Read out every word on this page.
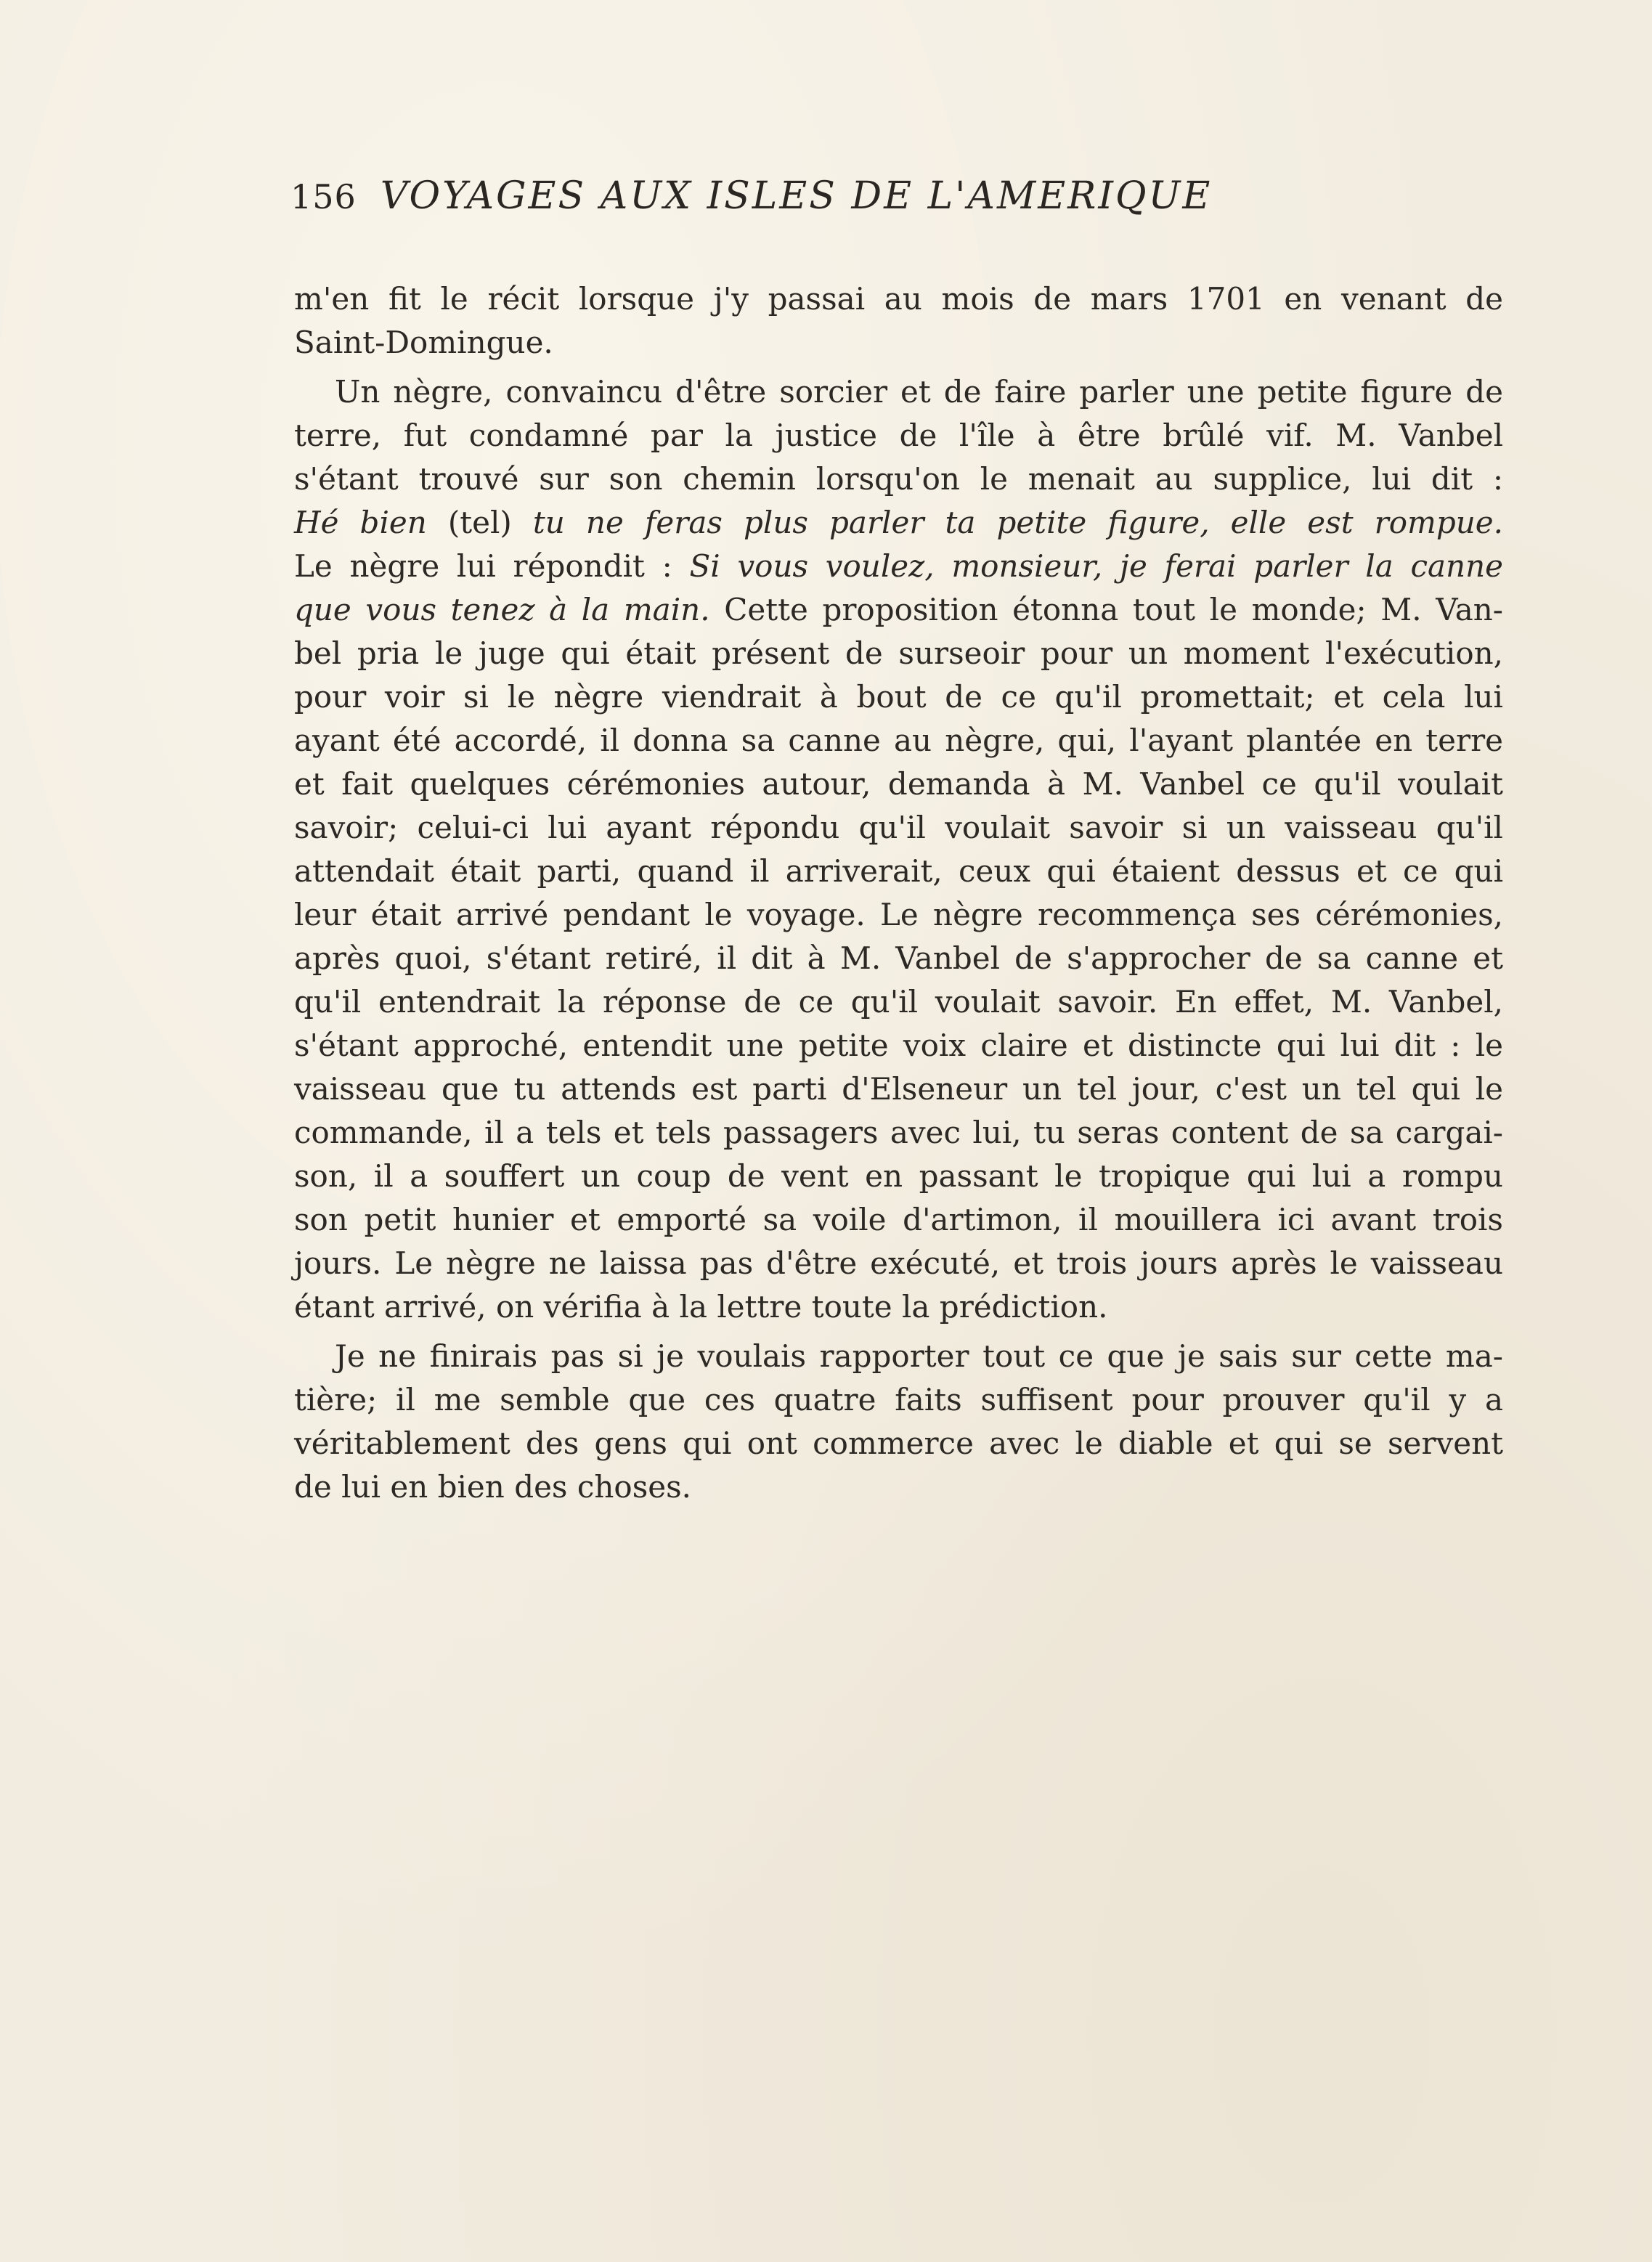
156 VOYAGES AUX ISLES DE L'AMERIQUE
m'en fit le récit lorsque j'y passai au mois de mars 1701 en venant de
Saint-Domingue.
Un nègre, convaincu d'être sorcier et de faire parler une petite figure de
terre, fut condamné par la justice de l'île à être brûlé vif. M. Vanbel
s'étant trouvé sur son chemin lorsqu'on le menait au supplice, lui dit :
Hé bien (tel) tu ne feras plus parler ta petite figure, elle est rompue.
Le nègre lui répondit : Si vous voulez, monsieur, je ferai parler la canne
que vous tenez à la main. Cette proposition étonna tout le monde; M. Van-
bel pria le juge qui était présent de surseoir pour un moment l'exécution,
pour voir si le nègre viendrait à bout de ce qu'il promettait; et cela lui
ayant été accordé, il donna sa canne au nègre, qui, l'ayant plantée en terre
et fait quelques cérémonies autour, demanda à M. Vanbel ce qu'il voulait
savoir; celui-ci lui ayant répondu qu'il voulait savoir si un vaisseau qu'il
attendait était parti, quand il arriverait, ceux qui étaient dessus et ce qui
leur était arrivé pendant le voyage. Le nègre recommença ses cérémonies,
après quoi, s'étant retiré, il dit à M. Vanbel de s'approcher de sa canne et
qu'il entendrait la réponse de ce qu'il voulait savoir. En effet, M. Vanbel,
s'étant approché, entendit une petite voix claire et distincte qui lui dit : le
vaisseau que tu attends est parti d'Elseneur un tel jour, c'est un tel qui le
commande, il a tels et tels passagers avec lui, tu seras content de sa cargai-
son, il a souffert un coup de vent en passant le tropique qui lui a rompu
son petit hunier et emporté sa voile d'artimon, il mouillera ici avant trois
jours. Le nègre ne laissa pas d'être exécuté, et trois jours après le vaisseau
étant arrivé, on vérifia à la lettre toute la prédiction.
Je ne finirais pas si je voulais rapporter tout ce que je sais sur cette ma-
tière; il me semble que ces quatre faits suffisent pour prouver qu'il y a
véritablement des gens qui ont commerce avec le diable et qui se servent
de lui en bien des choses.
